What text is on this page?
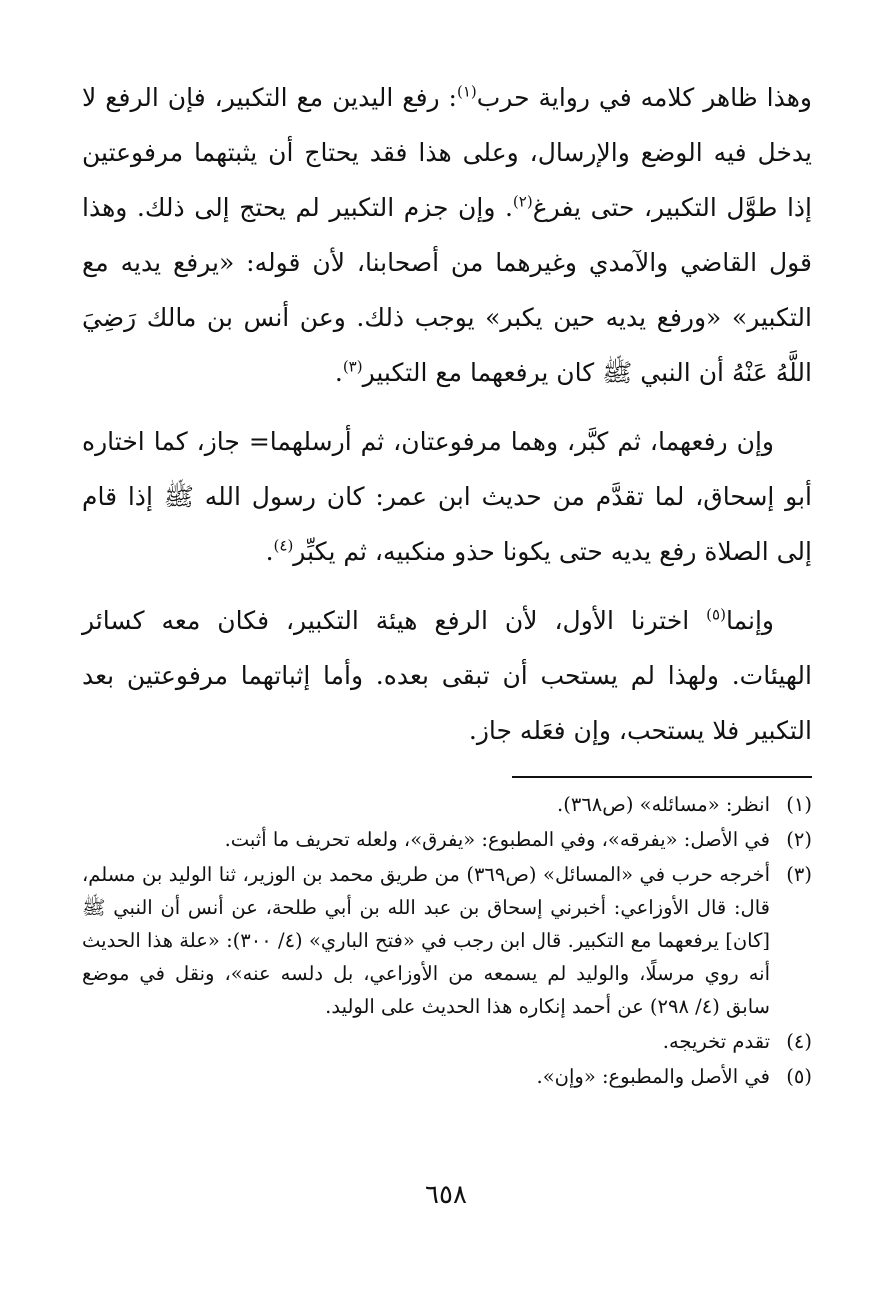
وهذا ظاهر كلامه في رواية حرب$^{(١)}$: رفع اليدين مع التكبير، فإن الرفع لا يدخل فيه الوضع والإرسال، وعلى هذا فقد يحتاج أن يثبتهما مرفوعتين إذا طوَّل التكبير، حتى يفرغ$^{(٢)}$. وإن جزم التكبير لم يحتج إلى ذلك. وهذا قول القاضي والآمدي وغيرهما من أصحابنا، لأن قوله: «يرفع يديه مع التكبير» «ورفع يديه حين يكبر» يوجب ذلك. وعن أنس بن مالك رَضِيَ اللَّهُ عَنْهُ أن النبي ﷺ كان يرفعهما مع التكبير$^{(٣)}$.

وإن رفعهما، ثم كبَّر، وهما مرفوعتان، ثم أرسلهما= جاز، كما اختاره أبو إسحاق، لما تقدَّم من حديث ابن عمر: كان رسول الله ﷺ إذا قام إلى الصلاة رفع يديه حتى يكونا حذو منكبيه، ثم يكبِّر$^{(٤)}$.

وإنما$^{(٥)}$ اخترنا الأول، لأن الرفع هيئة التكبير، فكان معه كسائر الهيئات. ولهذا لم يستحب أن تبقى بعده. وأما إثباتهما مرفوعتين بعد التكبير فلا يستحب، وإن فعَله جاز.

(١)
انظر: «مسائله» (ص٣٦٨).
(٢)
في الأصل: «يفرقه»، وفي المطبوع: «يفرق»، ولعله تحريف ما أثبت.
(٣)
أخرجه حرب في «المسائل» (ص٣٦٩) من طريق محمد بن الوزير، ثنا الوليد بن مسلم، قال: قال الأوزاعي: أخبرني إسحاق بن عبد الله بن أبي طلحة، عن أنس أن النبي ﷺ [كان] يرفعهما مع التكبير. قال ابن رجب في «فتح الباري» (٤/ ٣٠٠): «علة هذا الحديث أنه روي مرسلًا، والوليد لم يسمعه من الأوزاعي، بل دلسه عنه»، ونقل في موضع سابق (٤/ ٢٩٨) عن أحمد إنكاره هذا الحديث على الوليد.
(٤)
تقدم تخريجه.
(٥)
في الأصل والمطبوع: «وإن».
٦٥٨
